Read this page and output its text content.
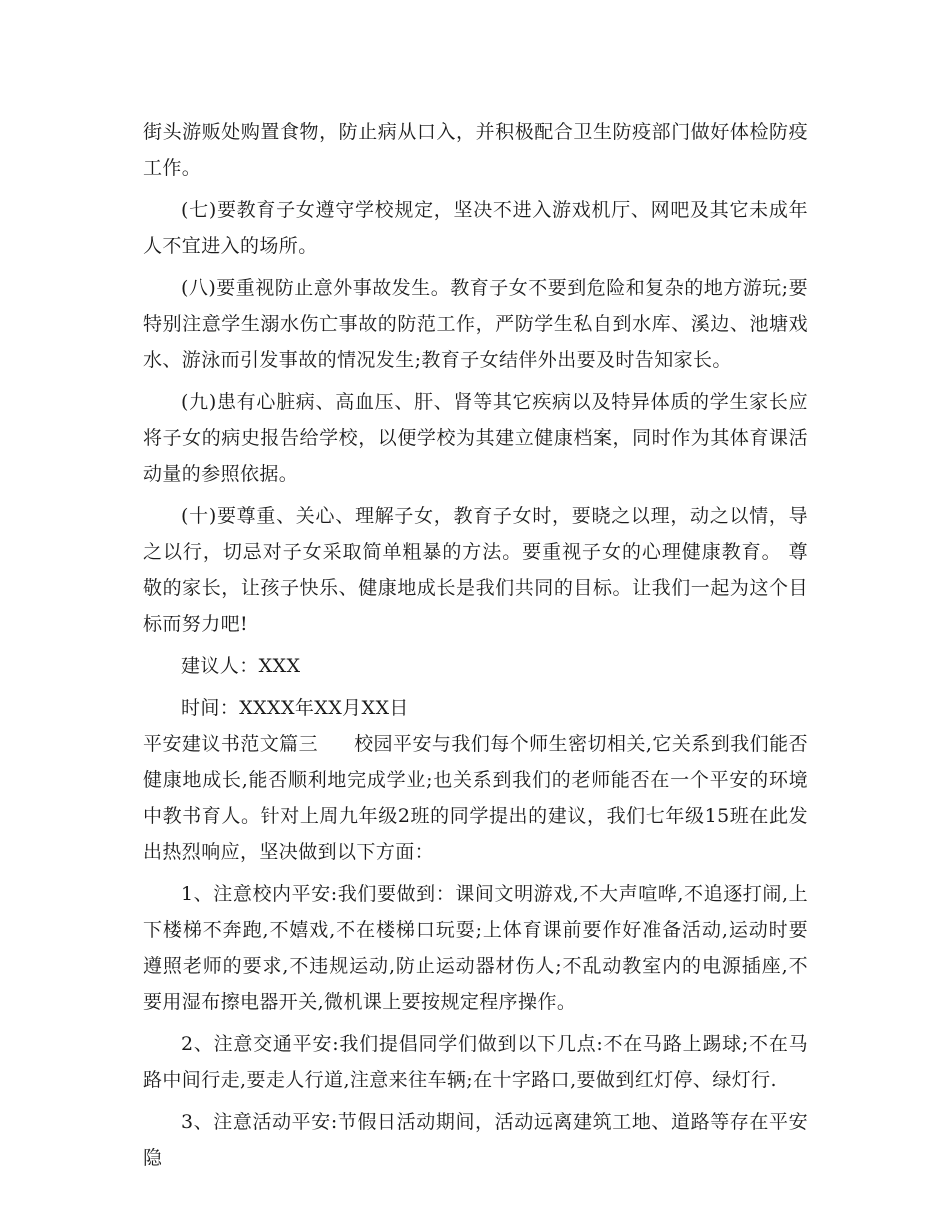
街头游贩处购置食物，防止病从口入，并积极配合卫生防疫部门做好体检防疫工作。

(七)要教育子女遵守学校规定，坚决不进入游戏机厅、网吧及其它未成年人不宜进入的场所。

(八)要重视防止意外事故发生。教育子女不要到危险和复杂的地方游玩;要特别注意学生溺水伤亡事故的防范工作，严防学生私自到水库、溪边、池塘戏水、游泳而引发事故的情况发生;教育子女结伴外出要及时告知家长。

(九)患有心脏病、高血压、肝、肾等其它疾病以及特异体质的学生家长应将子女的病史报告给学校，以便学校为其建立健康档案，同时作为其体育课活动量的参照依据。

(十)要尊重、关心、理解子女，教育子女时，要晓之以理，动之以情，导之以行，切忌对子女采取简单粗暴的方法。要重视子女的心理健康教育。 尊敬的家长，让孩子快乐、健康地成长是我们共同的目标。让我们一起为这个目标而努力吧!

建议人：XXX

时间：XXXX年XX月XX日

平安建议书范文篇三 校园平安与我们每个师生密切相关,它关系到我们能否健康地成长,能否顺利地完成学业;也关系到我们的老师能否在一个平安的环境中教书育人。针对上周九年级2班的同学提出的建议，我们七年级15班在此发出热烈响应，坚决做到以下方面：

1、注意校内平安:我们要做到：课间文明游戏,不大声喧哗,不追逐打闹,上下楼梯不奔跑,不嬉戏,不在楼梯口玩耍;上体育课前要作好准备活动,运动时要遵照老师的要求,不违规运动,防止运动器材伤人;不乱动教室内的电源插座,不要用湿布擦电器开关,微机课上要按规定程序操作。

2、注意交通平安:我们提倡同学们做到以下几点:不在马路上踢球;不在马路中间行走,要走人行道,注意来往车辆;在十字路口,要做到红灯停、绿灯行.

3、注意活动平安:节假日活动期间，活动远离建筑工地、道路等存在平安隐
